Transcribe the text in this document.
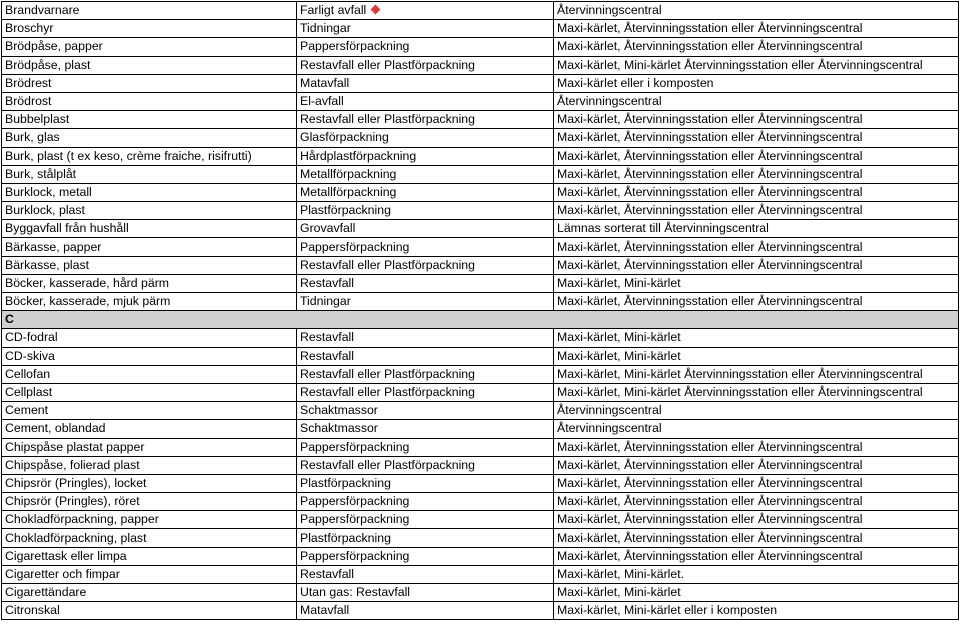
Brandvarnare	Farligt avfall	Återvinningscentral
Broschyr	Tidningar	Maxi-kärlet, Återvinningsstation eller Återvinningscentral
Brödpåse, papper	Pappersförpackning	Maxi-kärlet, Återvinningsstation eller Återvinningscentral
Brödpåse, plast	Restavfall eller Plastförpackning	Maxi-kärlet, Mini-kärlet Återvinningsstation eller Återvinningscentral
Brödrest	Matavfall	Maxi-kärlet eller i komposten
Brödrost	El-avfall	Återvinningscentral
Bubbelplast	Restavfall eller Plastförpackning	Maxi-kärlet, Återvinningsstation eller Återvinningscentral
Burk, glas	Glasförpackning	Maxi-kärlet, Återvinningsstation eller Återvinningscentral
Burk, plast (t ex keso, crème fraiche, risifrutti)	Hårdplastförpackning	Maxi-kärlet, Återvinningsstation eller Återvinningscentral
Burk, stålplåt	Metallförpackning	Maxi-kärlet, Återvinningsstation eller Återvinningscentral
Burklock, metall	Metallförpackning	Maxi-kärlet, Återvinningsstation eller Återvinningscentral
Burklock, plast	Plastförpackning	Maxi-kärlet, Återvinningsstation eller Återvinningscentral
Byggavfall från hushåll	Grovavfall	Lämnas sorterat till Återvinningscentral
Bärkasse, papper	Pappersförpackning	Maxi-kärlet, Återvinningsstation eller Återvinningscentral
Bärkasse, plast	Restavfall eller Plastförpackning	Maxi-kärlet, Återvinningsstation eller Återvinningscentral
Böcker, kasserade, hård pärm	Restavfall	Maxi-kärlet, Mini-kärlet
Böcker, kasserade, mjuk pärm	Tidningar	Maxi-kärlet, Återvinningsstation eller Återvinningscentral
C		
CD-fodral	Restavfall	Maxi-kärlet, Mini-kärlet
CD-skiva	Restavfall	Maxi-kärlet, Mini-kärlet
Cellofan	Restavfall eller Plastförpackning	Maxi-kärlet, Mini-kärlet Återvinningsstation eller Återvinningscentral
Cellplast	Restavfall eller Plastförpackning	Maxi-kärlet, Mini-kärlet Återvinningsstation eller Återvinningscentral
Cement	Schaktmassor	Återvinningscentral
Cement, oblandad	Schaktmassor	Återvinningscentral
Chipspåse plastat papper	Pappersförpackning	Maxi-kärlet, Återvinningsstation eller Återvinningscentral
Chipspåse, folierad plast	Restavfall eller Plastförpackning	Maxi-kärlet, Återvinningsstation eller Återvinningscentral
Chipsrör (Pringles), locket	Plastförpackning	Maxi-kärlet, Återvinningsstation eller Återvinningscentral
Chipsrör (Pringles), röret	Pappersförpackning	Maxi-kärlet, Återvinningsstation eller Återvinningscentral
Chokladförpackning, papper	Pappersförpackning	Maxi-kärlet, Återvinningsstation eller Återvinningscentral
Chokladförpackning, plast	Plastförpackning	Maxi-kärlet, Återvinningsstation eller Återvinningscentral
Cigarettask eller limpa	Pappersförpackning	Maxi-kärlet, Återvinningsstation eller Återvinningscentral
Cigaretter och fimpar	Restavfall	Maxi-kärlet, Mini-kärlet.
Cigarettändare	Utan gas: Restavfall	Maxi-kärlet, Mini-kärlet
Citronskal	Matavfall	Maxi-kärlet, Mini-kärlet eller i komposten
